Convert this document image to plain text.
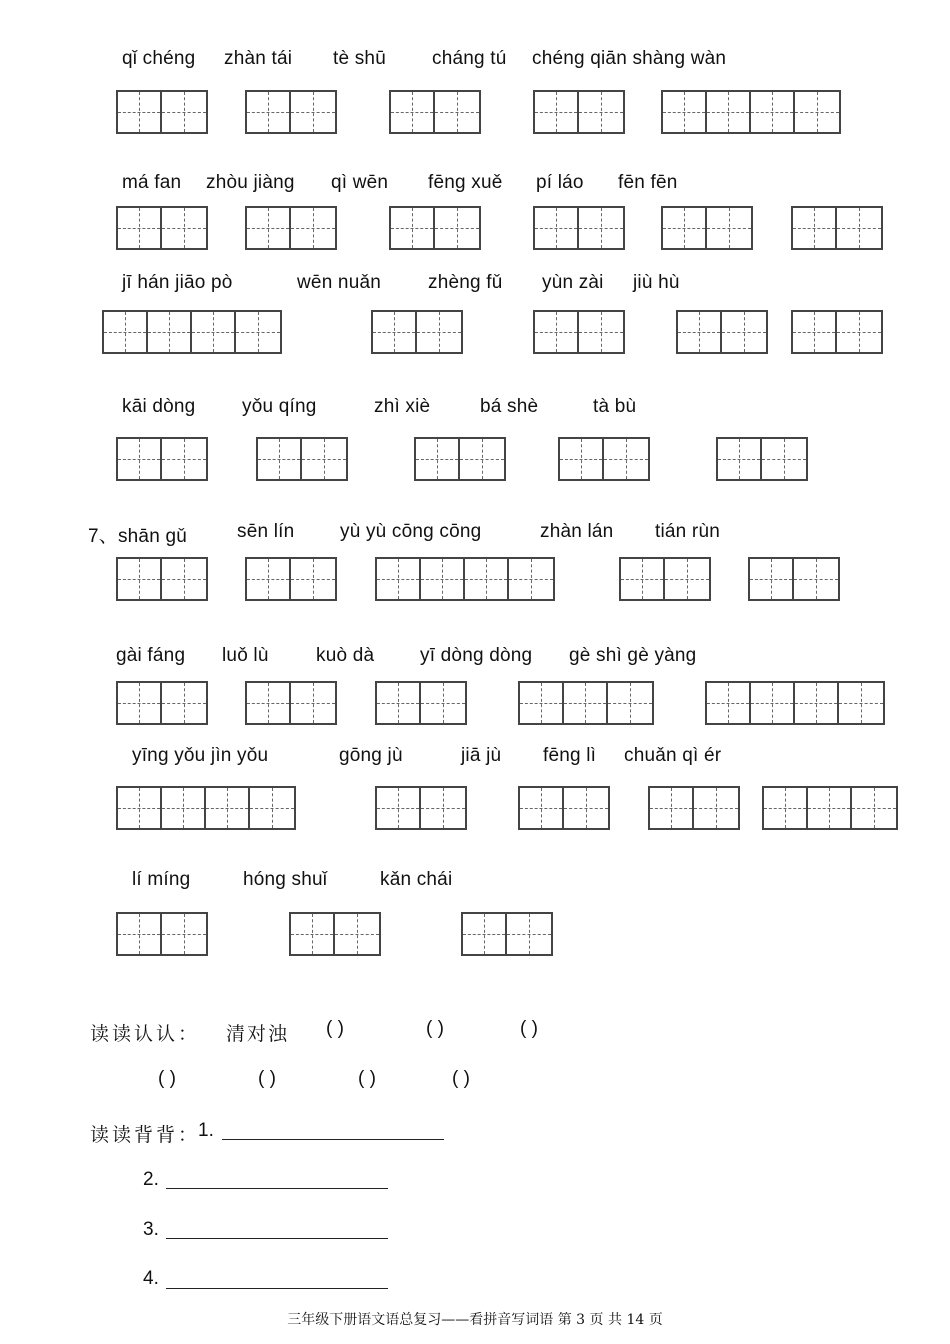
qǐ chéng zhàn tái tè shū cháng tú chéng qiān shàng wàn
má fan zhòu jiàng qì wēn fēng xuě pí láo fēn fēn
jī hán jiāo pò	wēn nuǎn zhèng fǔ yùn zài jiù hù
kāi dòng yǒu qíng	zhì xiè	bá shè	tà bù
7、shān gǔ	sēn lín yù yù cōng cōng	zhàn lán tián rùn
gài fáng luǒ lù kuò dà yī dòng dòng gè shì gè yàng
yīng yǒu jìn yǒu	gōng jù	jiā jù fēng lì chuǎn qì ér
lí míng	hóng shuǐ	kǎn chái
读读认认： 清对浊 ( )	( )	( )
( )	( )	( )	( )
读读背背：
1.
2.
3.
4.
三年级下册语文语总复习——看拼音写词语 第 3 页 共 14 页
